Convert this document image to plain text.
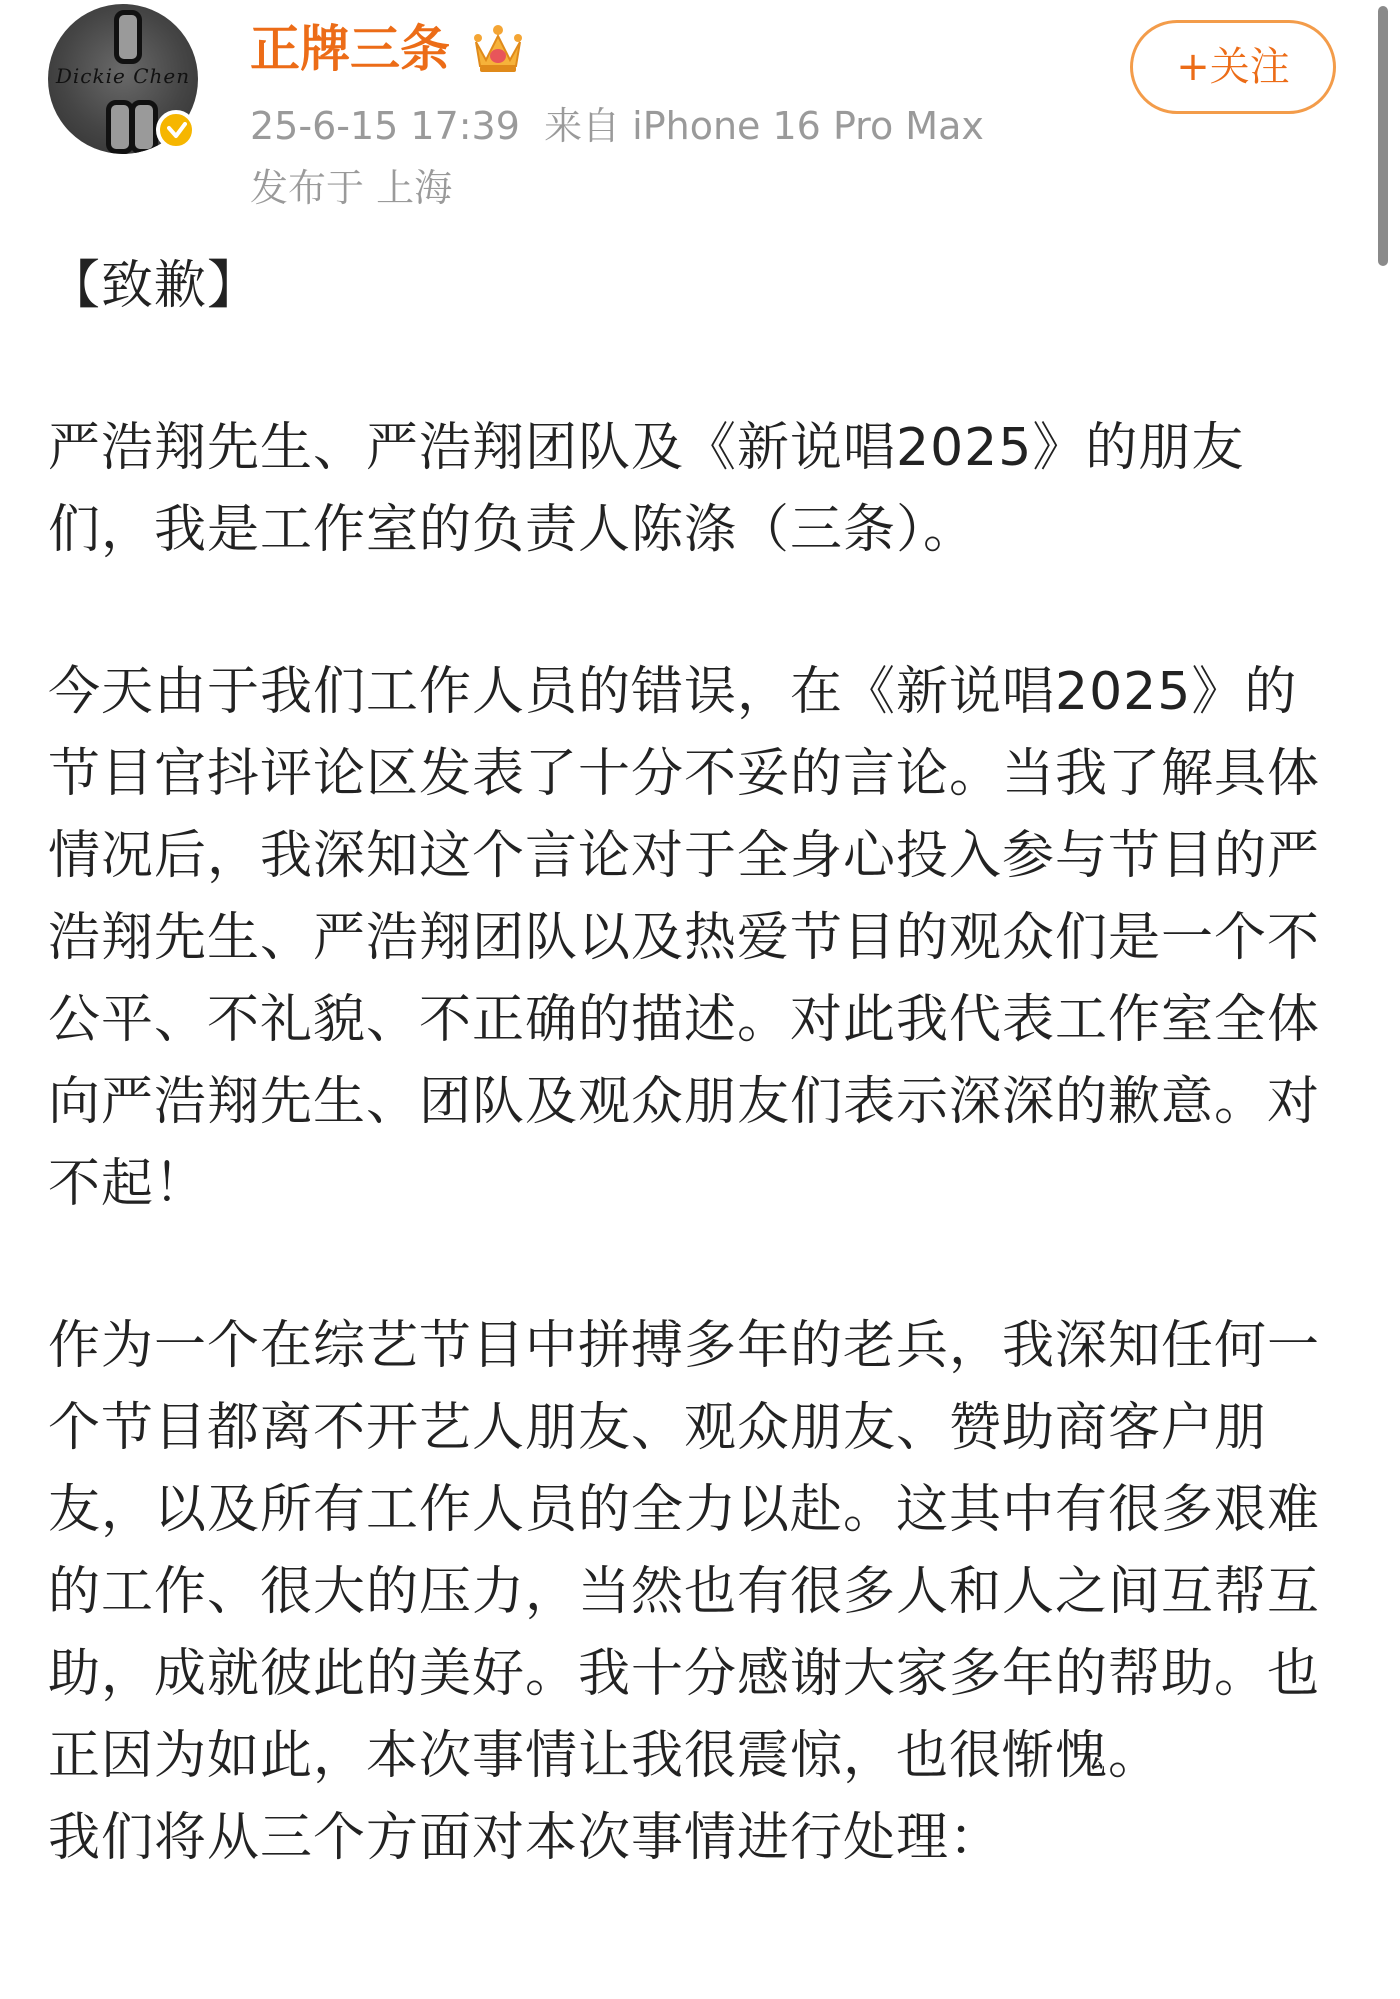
Dickie Chen 正牌三条
25-6-15 17:39 来自 iPhone 16 Pro Max
发布于 上海
+关注

【致歉】

严浩翔先生、严浩翔团队及《新说唱2025》的朋友们，我是工作室的负责人陈涤（三条）。

今天由于我们工作人员的错误，在《新说唱2025》的节目官抖评论区发表了十分不妥的言论。当我了解具体情况后，我深知这个言论对于全身心投入参与节目的严浩翔先生、严浩翔团队以及热爱节目的观众们是一个不公平、不礼貌、不正确的描述。对此我代表工作室全体向严浩翔先生、团队及观众朋友们表示深深的歉意。对不起！

作为一个在综艺节目中拼搏多年的老兵，我深知任何一个节目都离不开艺人朋友、观众朋友、赞助商客户朋友，以及所有工作人员的全力以赴。这其中有很多艰难的工作、很大的压力，当然也有很多人和人之间互帮互助，成就彼此的美好。我十分感谢大家多年的帮助。也正因为如此，本次事情让我很震惊，也很惭愧。

我们将从三个方面对本次事情进行处理：
